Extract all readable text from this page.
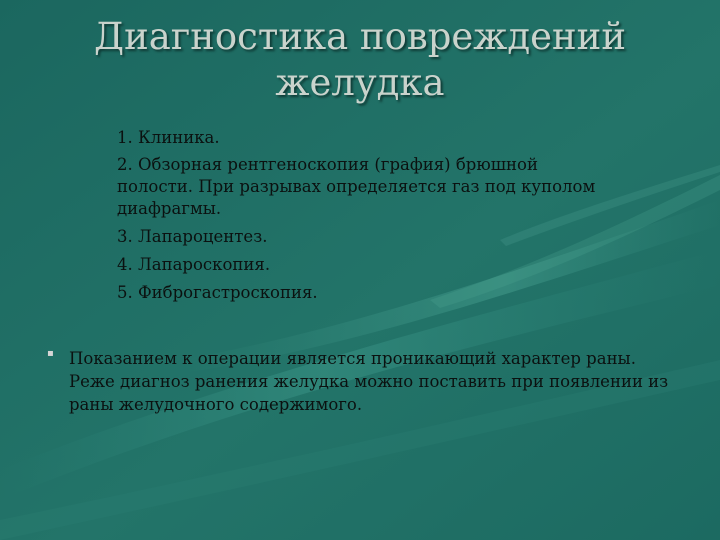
Диагностика повреждений
желудка
1. Клиника.
2. Обзорная рентгеноскопия (графия) брюшной полости. При разрывах определяется газ под куполом диафрагмы.
3. Лапароцентез.
4. Лапароскопия.
5. Фиброгастроскопия.
▪ Показанием к операции является проникающий характер раны. Реже диагноз ранения желудка можно поставить при появлении из раны желудочного содержимого.
